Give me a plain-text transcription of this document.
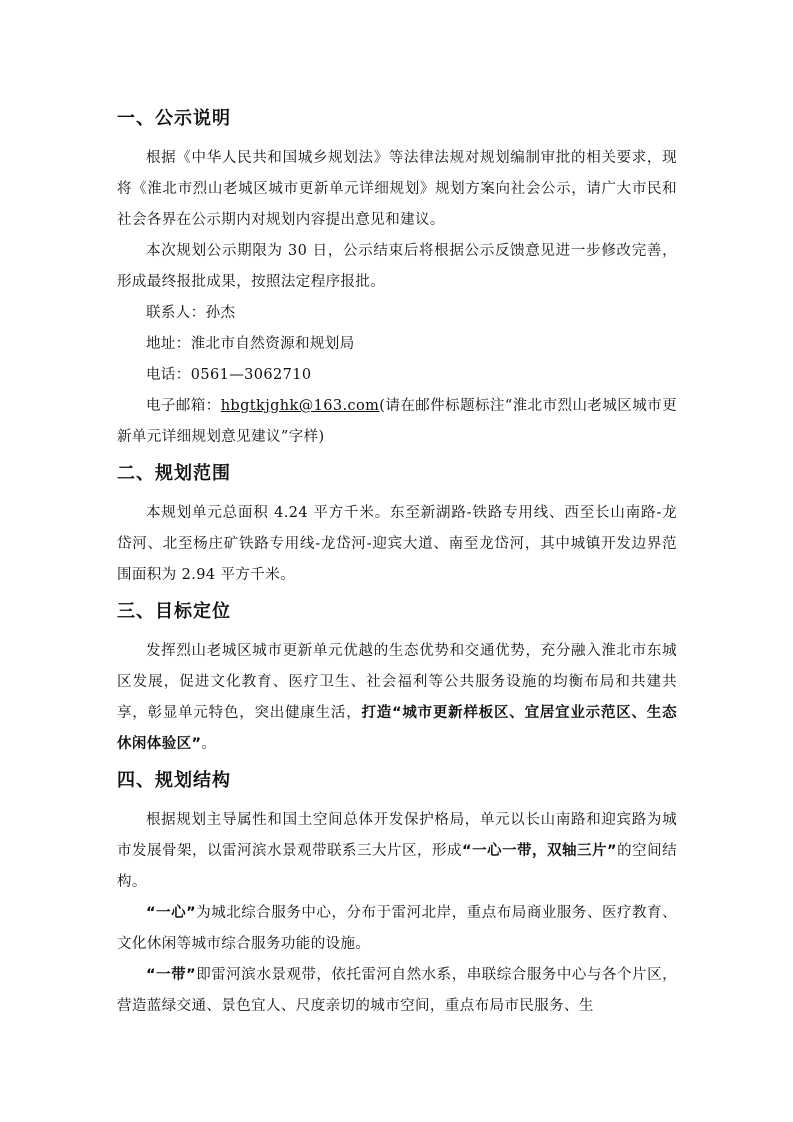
一、公示说明

根据《中华人民共和国城乡规划法》等法律法规对规划编制审批的相关要求，现将《淮北市烈山老城区城市更新单元详细规划》规划方案向社会公示，请广大市民和社会各界在公示期内对规划内容提出意见和建议。

本次规划公示期限为 30 日，公示结束后将根据公示反馈意见进一步修改完善，形成最终报批成果，按照法定程序报批。

联系人：孙杰

地址：淮北市自然资源和规划局

电话：0561—3062710

电子邮箱：hbgtkjghk@163.com(请在邮件标题标注“淮北市烈山老城区城市更新单元详细规划意见建议”字样)

二、规划范围

本规划单元总面积 4.24 平方千米。东至新湖路-铁路专用线、西至长山南路-龙岱河、北至杨庄矿铁路专用线-龙岱河-迎宾大道、南至龙岱河，其中城镇开发边界范围面积为 2.94 平方千米。

三、目标定位

发挥烈山老城区城市更新单元优越的生态优势和交通优势，充分融入淮北市东城区发展，促进文化教育、医疗卫生、社会福利等公共服务设施的均衡布局和共建共享，彰显单元特色，突出健康生活，打造“城市更新样板区、宜居宜业示范区、生态休闲体验区”。

四、规划结构

根据规划主导属性和国土空间总体开发保护格局，单元以长山南路和迎宾路为城市发展骨架，以雷河滨水景观带联系三大片区，形成“一心一带，双轴三片”的空间结构。

“一心”为城北综合服务中心，分布于雷河北岸，重点布局商业服务、医疗教育、文化休闲等城市综合服务功能的设施。

“一带”即雷河滨水景观带，依托雷河自然水系，串联综合服务中心与各个片区，营造蓝绿交通、景色宜人、尺度亲切的城市空间，重点布局市民服务、生
